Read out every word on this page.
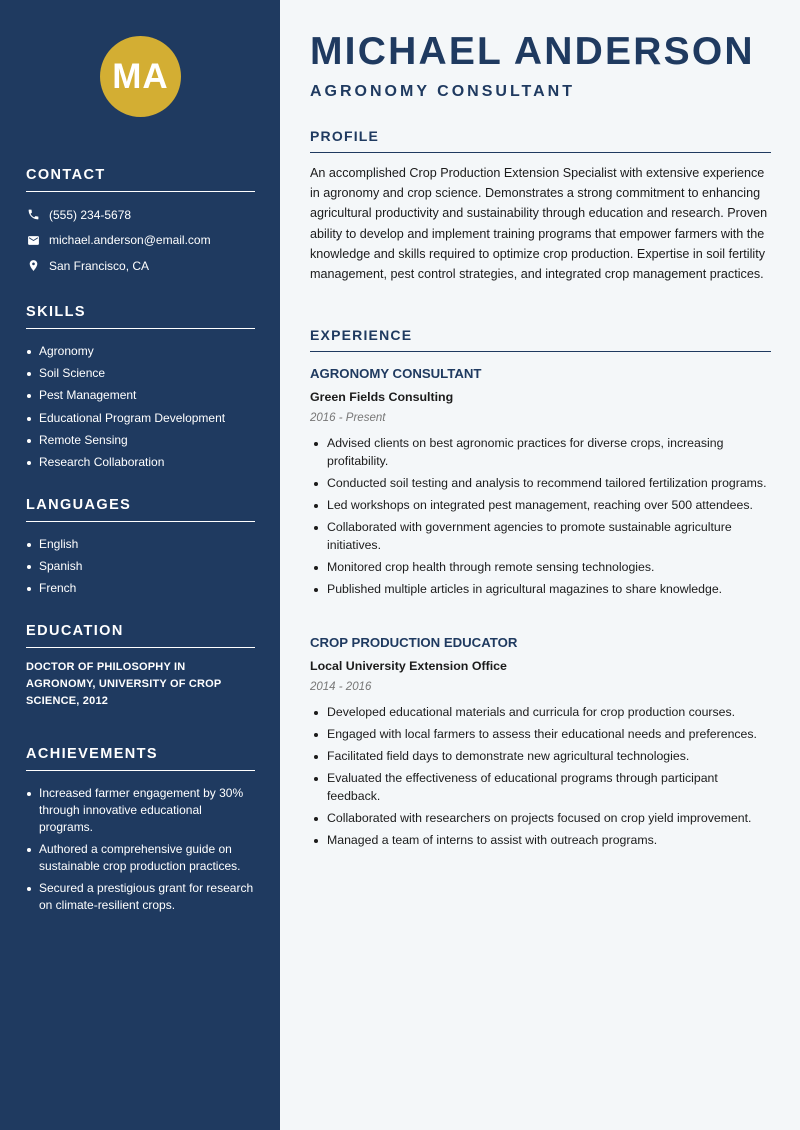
MA
CONTACT
(555) 234-5678
michael.anderson@email.com
San Francisco, CA
SKILLS
Agronomy
Soil Science
Pest Management
Educational Program Development
Remote Sensing
Research Collaboration
LANGUAGES
English
Spanish
French
EDUCATION

DOCTOR OF PHILOSOPHY IN AGRONOMY, UNIVERSITY OF CROP SCIENCE, 2012

ACHIEVEMENTS
Increased farmer engagement by 30% through innovative educational programs.
Authored a comprehensive guide on sustainable crop production practices.
Secured a prestigious grant for research on climate-resilient crops.
MICHAEL ANDERSON
AGRONOMY CONSULTANT
PROFILE

An accomplished Crop Production Extension Specialist with extensive experience in agronomy and crop science. Demonstrates a strong commitment to enhancing agricultural productivity and sustainability through education and research. Proven ability to develop and implement training programs that empower farmers with the knowledge and skills required to optimize crop production. Expertise in soil fertility management, pest control strategies, and integrated crop management practices.

EXPERIENCE
AGRONOMY CONSULTANT
Green Fields Consulting
2016 - Present
Advised clients on best agronomic practices for diverse crops, increasing profitability.
Conducted soil testing and analysis to recommend tailored fertilization programs.
Led workshops on integrated pest management, reaching over 500 attendees.
Collaborated with government agencies to promote sustainable agriculture initiatives.
Monitored crop health through remote sensing technologies.
Published multiple articles in agricultural magazines to share knowledge.
CROP PRODUCTION EDUCATOR
Local University Extension Office
2014 - 2016
Developed educational materials and curricula for crop production courses.
Engaged with local farmers to assess their educational needs and preferences.
Facilitated field days to demonstrate new agricultural technologies.
Evaluated the effectiveness of educational programs through participant feedback.
Collaborated with researchers on projects focused on crop yield improvement.
Managed a team of interns to assist with outreach programs.
